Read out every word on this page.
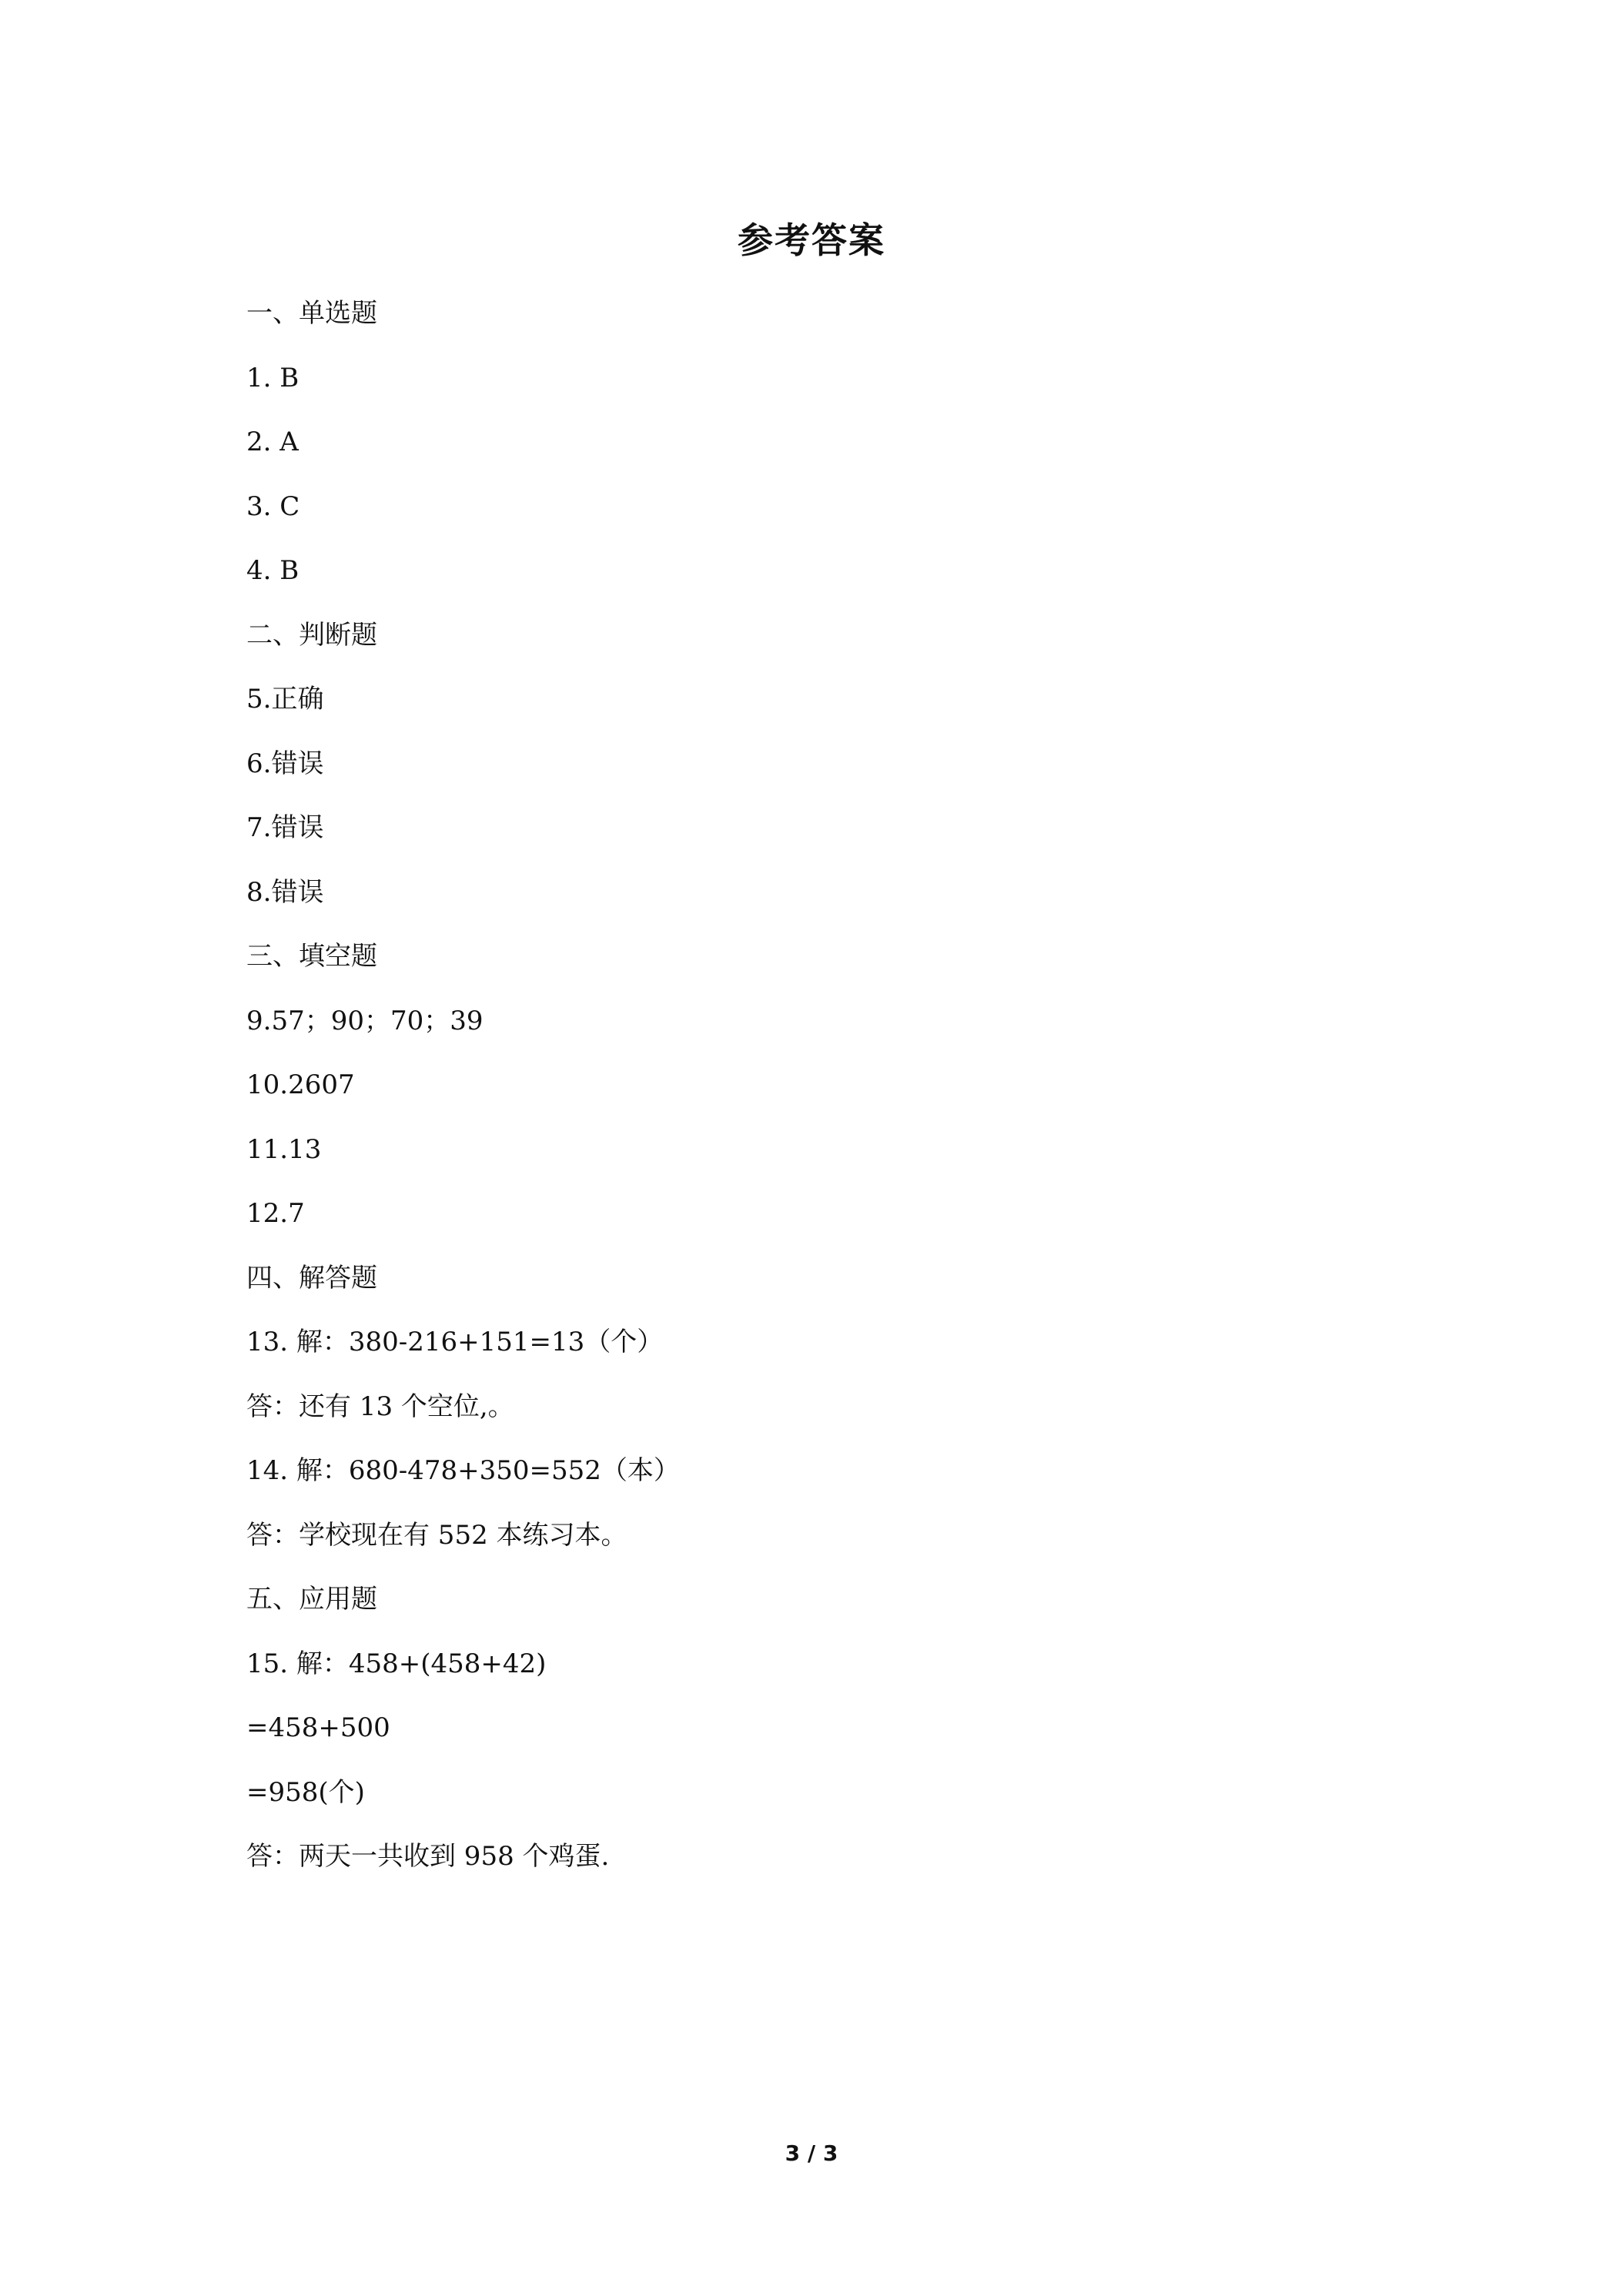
参考答案
一、单选题
1. B
2. A
3. C
4. B
二、判断题
5.正确
6.错误
7.错误
8.错误
三、填空题
9.57；90；70；39
10.2607
11.13
12.7
四、解答题
13. 解：380-216+151=13（个）
答：还有 13 个空位,。
14. 解：680-478+350=552（本）
答：学校现在有 552 本练习本。
五、应用题
15. 解：458+(458+42)
=458+500
=958(个)
答：两天一共收到 958 个鸡蛋.
3 / 3
